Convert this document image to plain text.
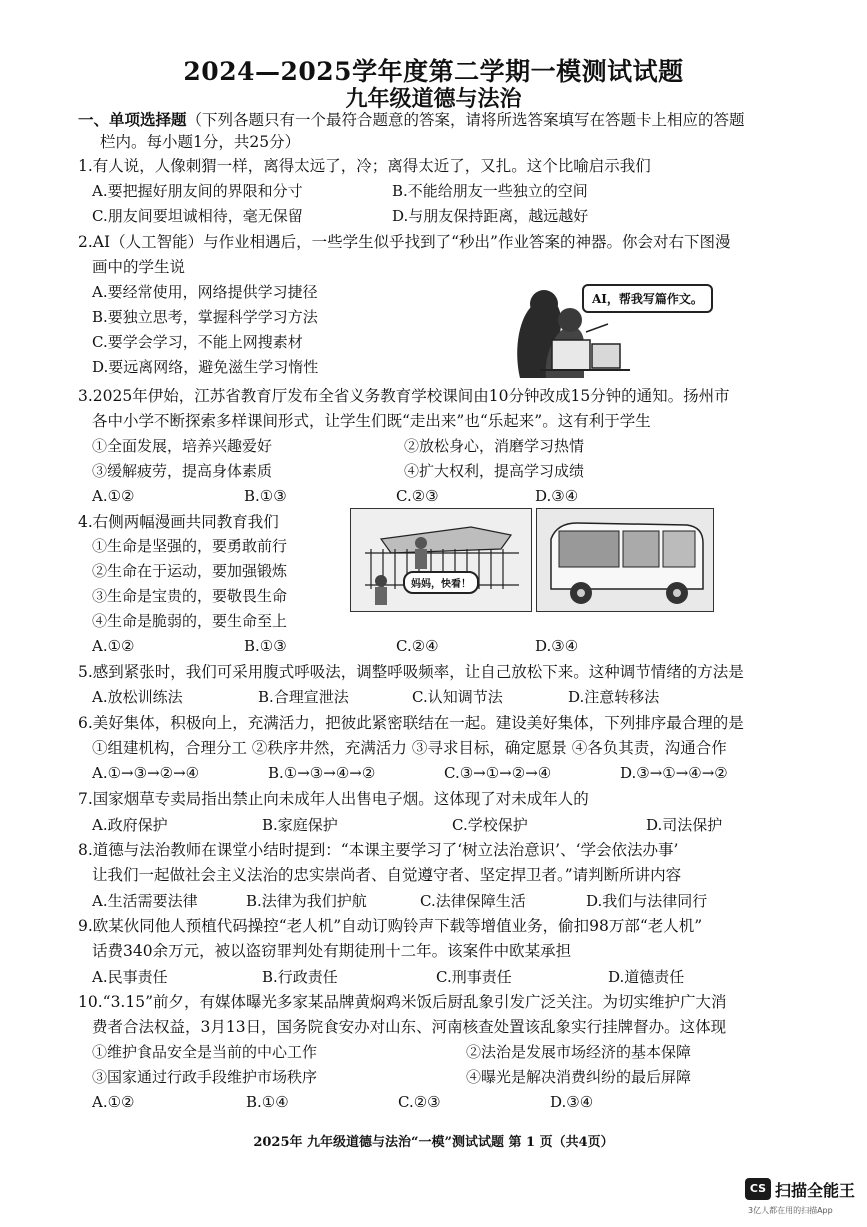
2024—2025学年度第二学期一模测试试题
九年级道德与法治
一、单项选择题（下列各题只有一个最符合题意的答案，请将所选答案填写在答题卡上相应的答题
栏内。每小题1分，共25分）
1.有人说，人像刺猬一样，离得太远了，冷；离得太近了，又扎。这个比喻启示我们
A.要把握好朋友间的界限和分寸	B.不能给朋友一些独立的空间
C.朋友间要坦诚相待，毫无保留	D.与朋友保持距离，越远越好
2.AI（人工智能）与作业相遇后，一些学生似乎找到了“秒出”作业答案的神器。你会对右下图漫
画中的学生说
A.要经常使用，网络提供学习捷径
B.要独立思考，掌握科学学习方法
C.要学会学习，不能上网搜素材
D.要远离网络，避免滋生学习惰性
AI，帮我写篇作文。
3.2025年伊始，江苏省教育厅发布全省义务教育学校课间由10分钟改成15分钟的通知。扬州市
各中小学不断探索多样课间形式，让学生们既“走出来”也“乐起来”。这有利于学生
①全面发展，培养兴趣爱好	②放松身心，消磨学习热情
③缓解疲劳，提高身体素质	④扩大权利，提高学习成绩
A.①②	B.①③	C.②③	D.③④
4.右侧两幅漫画共同教育我们
①生命是坚强的，要勇敢前行
②生命在于运动，要加强锻炼
③生命是宝贵的，要敬畏生命
④生命是脆弱的，要生命至上
A.①②	B.①③	C.②④	D.③④
妈妈，快看！
5.感到紧张时，我们可采用腹式呼吸法，调整呼吸频率，让自己放松下来。这种调节情绪的方法是
A.放松训练法	B.合理宣泄法	C.认知调节法	D.注意转移法
6.美好集体，积极向上，充满活力，把彼此紧密联结在一起。建设美好集体，下列排序最合理的是
①组建机构，合理分工 ②秩序井然，充满活力 ③寻求目标，确定愿景 ④各负其责，沟通合作
A.①→③→②→④	B.①→③→④→②	C.③→①→②→④	D.③→①→④→②
7.国家烟草专卖局指出禁止向未成年人出售电子烟。这体现了对未成年人的
A.政府保护	B.家庭保护	C.学校保护	D.司法保护
8.道德与法治教师在课堂小结时提到：“本课主要学习了‘树立法治意识’、‘学会依法办事’
让我们一起做社会主义法治的忠实崇尚者、自觉遵守者、坚定捍卫者。”请判断所讲内容
A.生活需要法律	B.法律为我们护航	C.法律保障生活	D.我们与法律同行
9.欧某伙同他人预植代码操控“老人机”自动订购铃声下载等增值业务，偷扣98万部“老人机”
话费340余万元，被以盗窃罪判处有期徒刑十二年。该案件中欧某承担
A.民事责任	B.行政责任	C.刑事责任	D.道德责任
10.“3.15”前夕，有媒体曝光多家某品牌黄焖鸡米饭后厨乱象引发广泛关注。为切实维护广大消
费者合法权益，3月13日，国务院食安办对山东、河南核查处置该乱象实行挂牌督办。这体现
①维护食品安全是当前的中心工作	②法治是发展市场经济的基本保障
③国家通过行政手段维护市场秩序	④曝光是解决消费纠纷的最后屏障
A.①②	B.①④	C.②③	D.③④
2025年 九年级道德与法治“一模”测试试题 第 1 页（共4页）
CS 扫描全能王
3亿人都在用的扫描App
